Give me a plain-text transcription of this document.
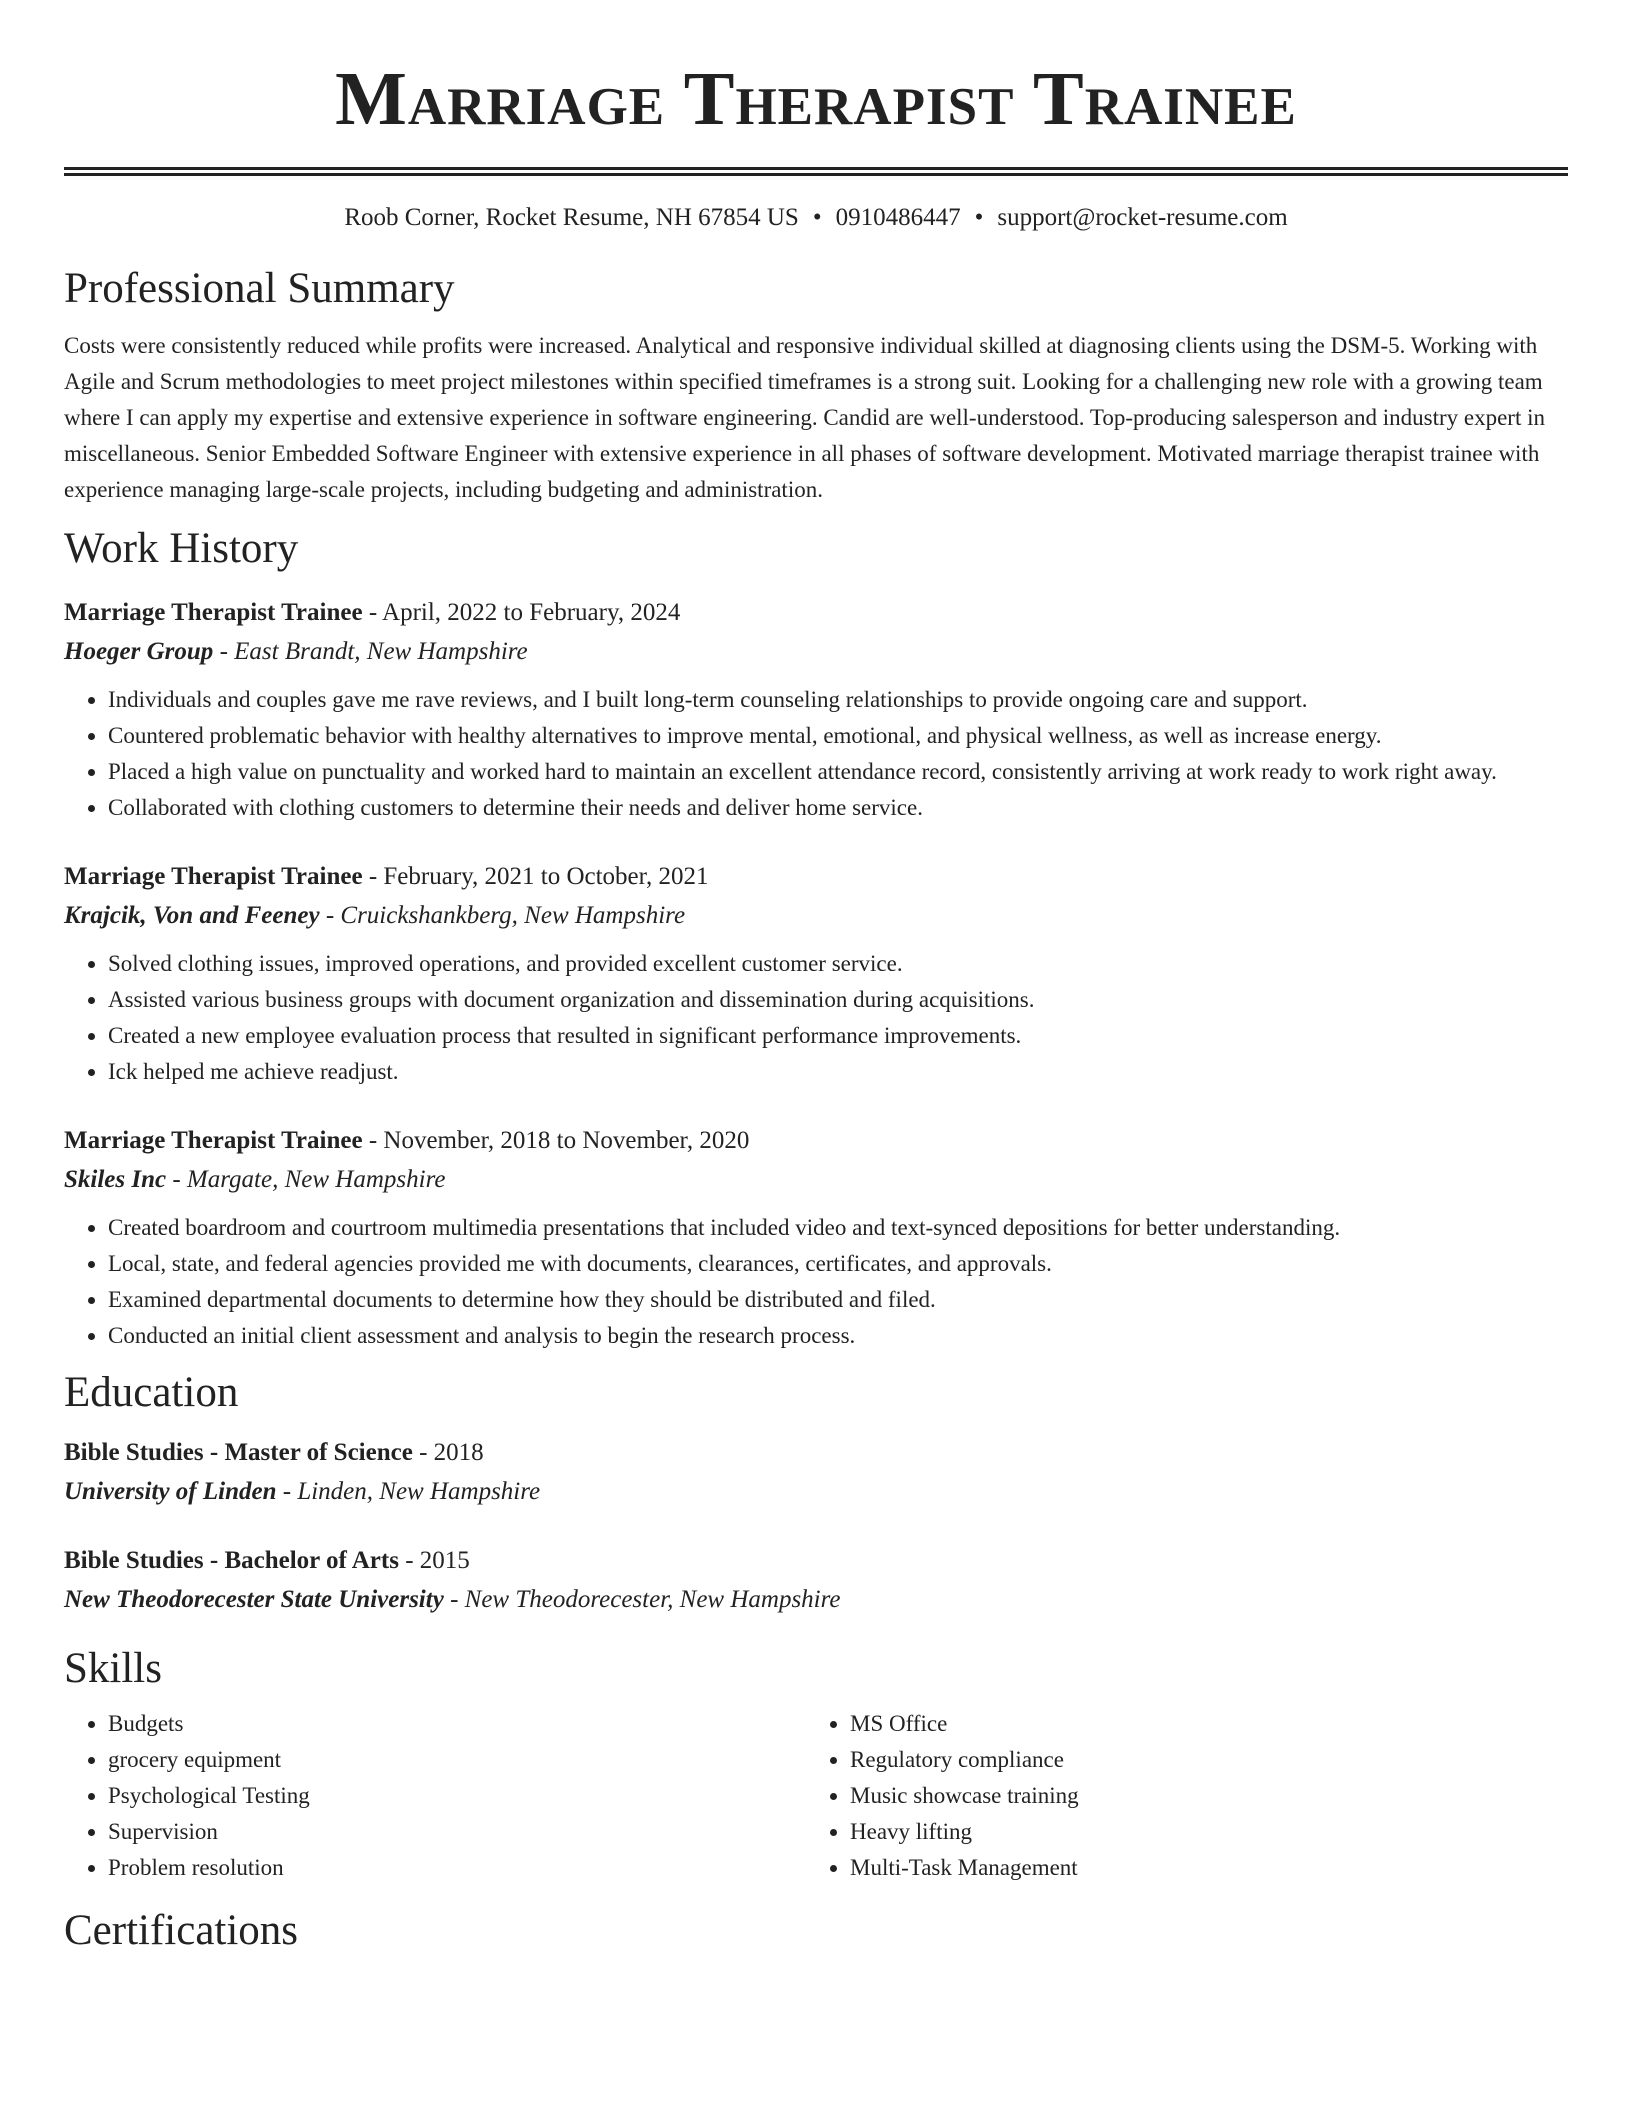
Marriage Therapist Trainee
Roob Corner, Rocket Resume, NH 67854 US • 0910486447 • support@rocket-resume.com
Professional Summary

Costs were consistently reduced while profits were increased. Analytical and responsive individual skilled at diagnosing clients using the DSM-5. Working with Agile and Scrum methodologies to meet project milestones within specified timeframes is a strong suit. Looking for a challenging new role with a growing team where I can apply my expertise and extensive experience in software engineering. Candid are well-understood. Top-producing salesperson and industry expert in miscellaneous. Senior Embedded Software Engineer with extensive experience in all phases of software development. Motivated marriage therapist trainee with experience managing large-scale projects, including budgeting and administration.

Work History
Marriage Therapist Trainee - April, 2022 to February, 2024
Hoeger Group - East Brandt, New Hampshire
• Individuals and couples gave me rave reviews, and I built long-term counseling relationships to provide ongoing care and support.
• Countered problematic behavior with healthy alternatives to improve mental, emotional, and physical wellness, as well as increase energy.
• Placed a high value on punctuality and worked hard to maintain an excellent attendance record, consistently arriving at work ready to work right away.
• Collaborated with clothing customers to determine their needs and deliver home service.
Marriage Therapist Trainee - February, 2021 to October, 2021
Krajcik, Von and Feeney - Cruickshankberg, New Hampshire
• Solved clothing issues, improved operations, and provided excellent customer service.
• Assisted various business groups with document organization and dissemination during acquisitions.
• Created a new employee evaluation process that resulted in significant performance improvements.
• Ick helped me achieve readjust.
Marriage Therapist Trainee - November, 2018 to November, 2020
Skiles Inc - Margate, New Hampshire
• Created boardroom and courtroom multimedia presentations that included video and text-synced depositions for better understanding.
• Local, state, and federal agencies provided me with documents, clearances, certificates, and approvals.
• Examined departmental documents to determine how they should be distributed and filed.
• Conducted an initial client assessment and analysis to begin the research process.
Education
Bible Studies - Master of Science - 2018
University of Linden - Linden, New Hampshire
Bible Studies - Bachelor of Arts - 2015
New Theodorecester State University - New Theodorecester, New Hampshire
Skills
• Budgets
• grocery equipment
• Psychological Testing
• Supervision
• Problem resolution
• MS Office
• Regulatory compliance
• Music showcase training
• Heavy lifting
• Multi-Task Management
Certifications
